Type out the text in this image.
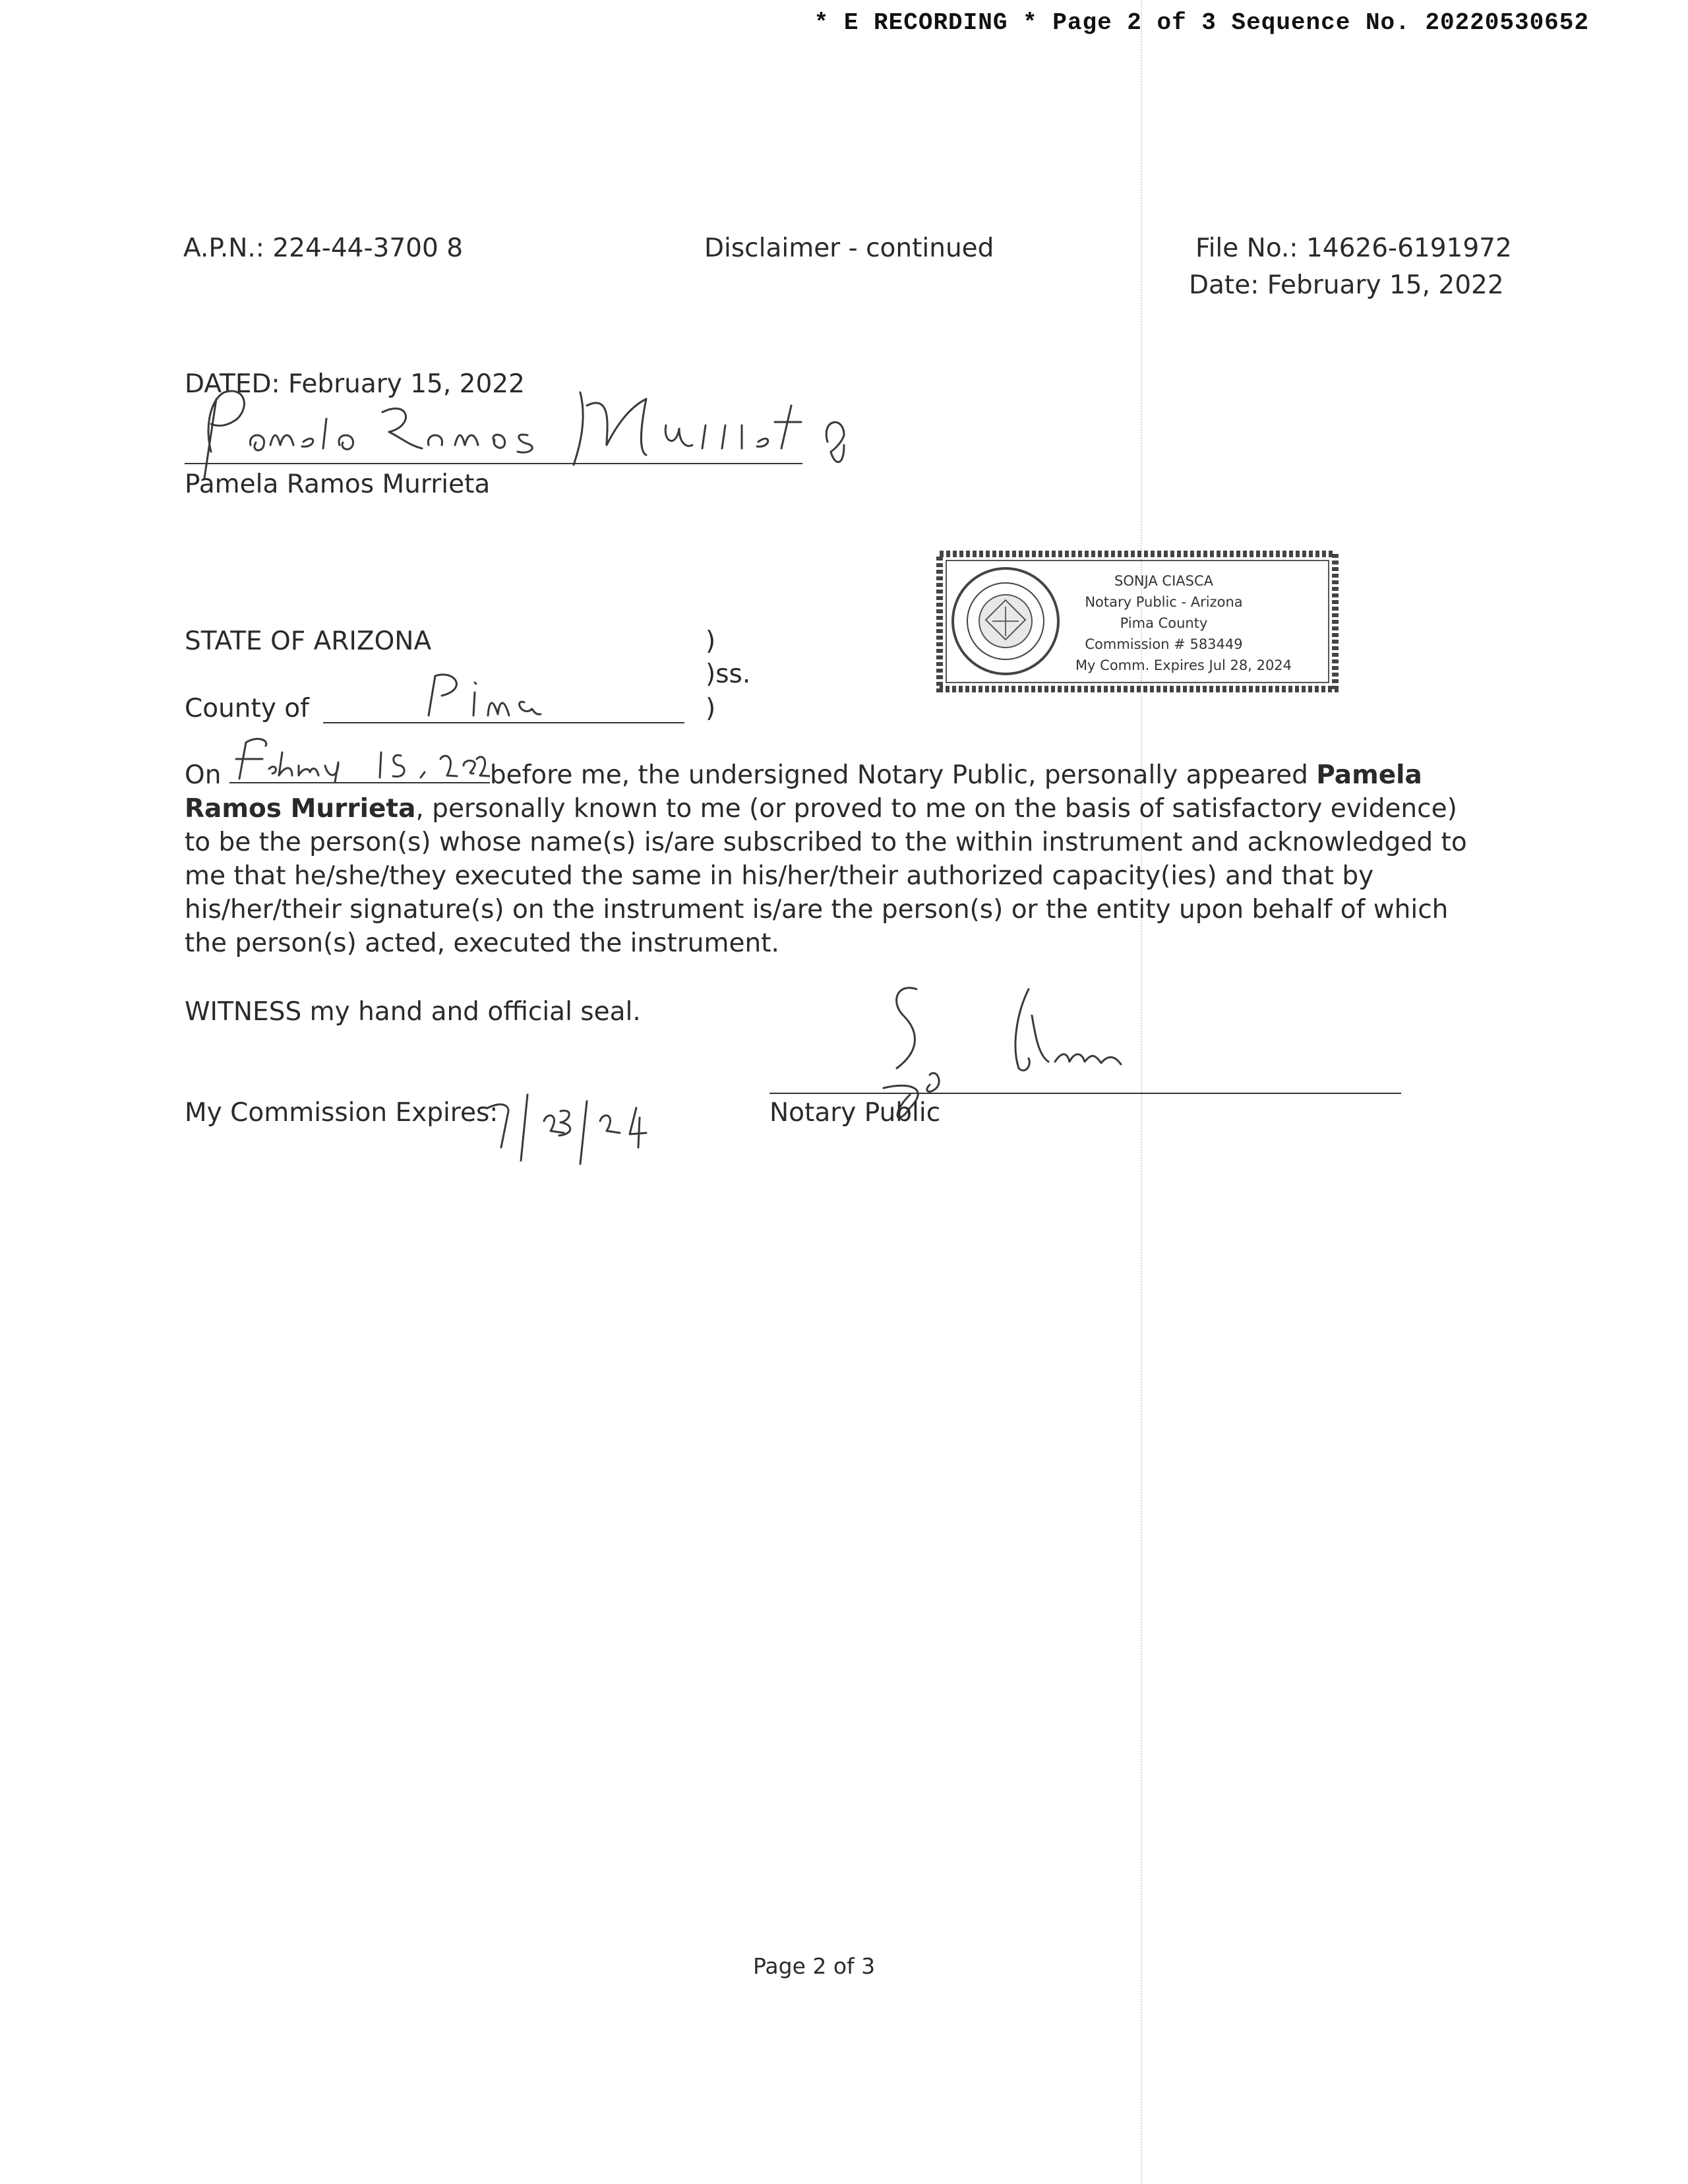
* E RECORDING * Page 2 of 3 Sequence No. 20220530652
A.P.N.: 224-44-3700 8	Disclaimer - continued	File No.: 14626-6191972
Date: February 15, 2022
DATED: February 15, 2022
Pamela Ramos Murrieta
SONJA CIASCA
Notary Public - Arizona
Pima County
Commission # 583449
My Comm. Expires Jul 28, 2024
STATE OF ARIZONA	)
)ss.
)
County of

On	before me, the undersigned Notary Public, personally appeared Pamela Ramos Murrieta, personally known to me (or proved to me on the basis of satisfactory evidence) to be the person(s) whose name(s) is/are subscribed to the within instrument and acknowledged to me that he/she/they executed the same in his/her/their authorized capacity(ies) and that by his/her/their signature(s) on the instrument is/are the person(s) or the entity upon behalf of which the person(s) acted, executed the instrument.

WITNESS my hand and official seal.
Notary Public
My Commission Expires:
Page 2 of 3
